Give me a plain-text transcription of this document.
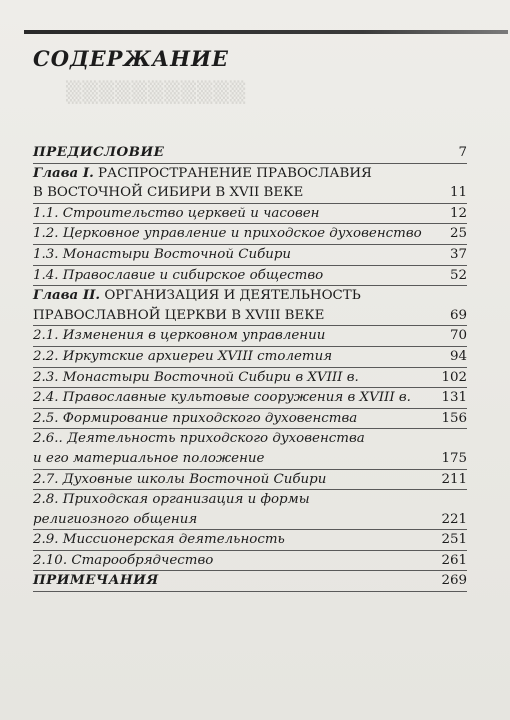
▒▒▒▒▒▒▒▒▒▒▒
СОДЕРЖАНИЕ
ПРЕДИСЛОВИЕ	7
Глава I. РАСПРОСТРАНЕНИЕ ПРАВОСЛАВИЯ
В ВОСТОЧНОЙ СИБИРИ В XVII ВЕКЕ	11
1.1. Строительство церквей и часовен	12
1.2. Церковное управление и приходское духовенство 25
1.3. Монастыри Восточной Сибири	37
1.4. Православие и сибирское общество	52
Глава II. ОРГАНИЗАЦИЯ И ДЕЯТЕЛЬНОСТЬ
ПРАВОСЛАВНОЙ ЦЕРКВИ В XVIII ВЕКЕ	69
2.1. Изменения в церковном управлении	70
2.2. Иркутские архиереи XVIII столетия	94
2.3. Монастыри Восточной Сибири в XVIII в.	102
2.4. Православные культовые сооружения в XVIII в. 131
2.5. Формирование приходского духовенства	156
2.6.. Деятельность приходского духовенства
и его материальное положение	175
2.7. Духовные школы Восточной Сибири	211
2.8. Приходская организация и формы
религиозного общения	221
2.9. Миссионерская деятельность	251
2.10. Старообрядчество	261
ПРИМЕЧАНИЯ	269
